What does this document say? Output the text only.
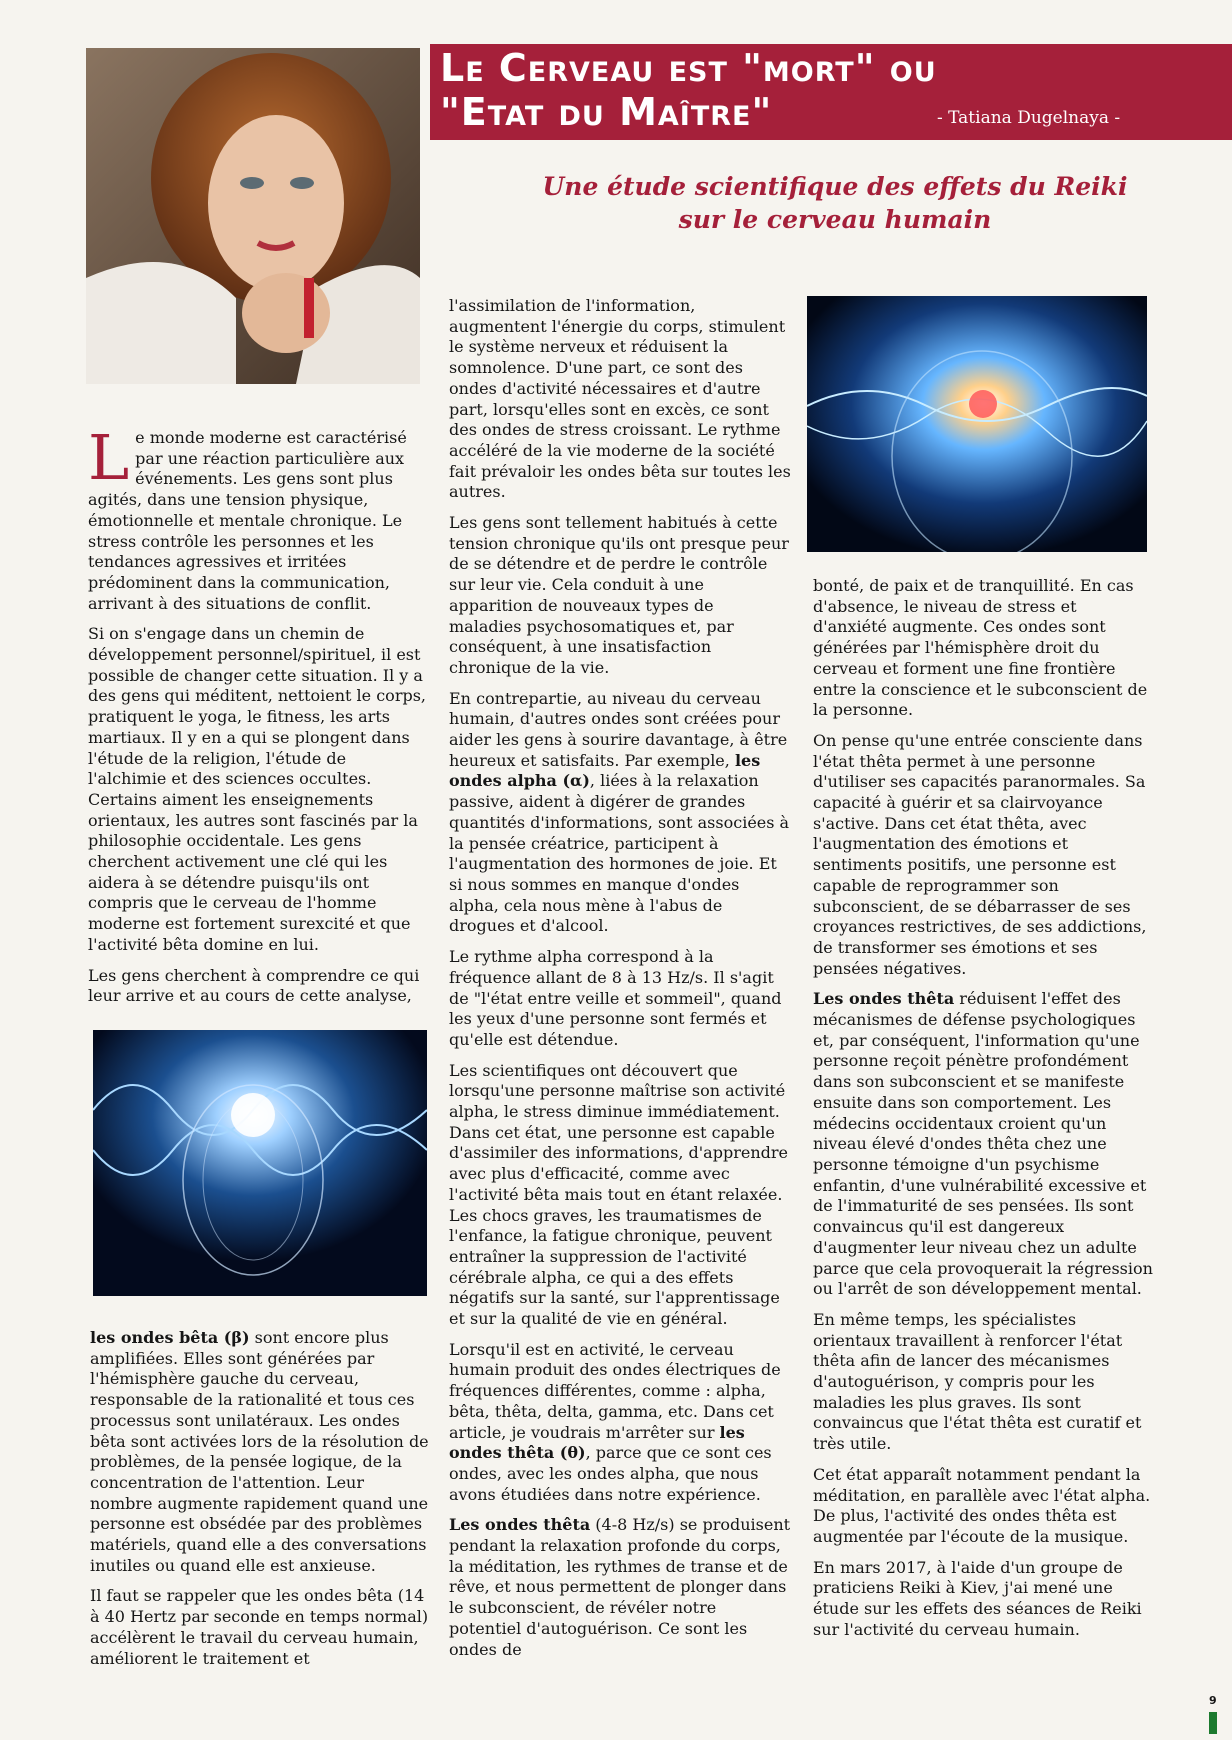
Le Cerveau est "mort" ou
"Etat du Maître"	- Tatiana Dugelnaya -
Une étude scientifique des effets du Reiki
sur le cerveau humain

Le monde moderne est caractérisé par une réaction particulière aux événements. Les gens sont plus agités, dans une tension physique, émotionnelle et mentale chronique. Le stress contrôle les personnes et les tendances agressives et irritées prédominent dans la communication, arrivant à des situations de conflit.

Si on s'engage dans un chemin de développement personnel/spirituel, il est possible de changer cette situation. Il y a des gens qui méditent, nettoient le corps, pratiquent le yoga, le fitness, les arts martiaux. Il y en a qui se plongent dans l'étude de la religion, l'étude de l'alchimie et des sciences occultes. Certains aiment les enseignements orientaux, les autres sont fascinés par la philosophie occidentale. Les gens cherchent activement une clé qui les aidera à se détendre puisqu'ils ont compris que le cerveau de l'homme moderne est fortement surexcité et que l'activité bêta domine en lui.

Les gens cherchent à comprendre ce qui leur arrive et au cours de cette analyse,

les ondes bêta (β) sont encore plus amplifiées. Elles sont générées par l'hémisphère gauche du cerveau, responsable de la rationalité et tous ces processus sont unilatéraux. Les ondes bêta sont activées lors de la résolution de problèmes, de la pensée logique, de la concentration de l'attention. Leur nombre augmente rapidement quand une personne est obsédée par des problèmes matériels, quand elle a des conversations inutiles ou quand elle est anxieuse.

Il faut se rappeler que les ondes bêta (14 à 40 Hertz par seconde en temps normal) accélèrent le travail du cerveau humain, améliorent le traitement et

l'assimilation de l'information, augmentent l'énergie du corps, stimulent le système nerveux et réduisent la somnolence. D'une part, ce sont des ondes d'activité nécessaires et d'autre part, lorsqu'elles sont en excès, ce sont des ondes de stress croissant. Le rythme accéléré de la vie moderne de la société fait prévaloir les ondes bêta sur toutes les autres.

Les gens sont tellement habitués à cette tension chronique qu'ils ont presque peur de se détendre et de perdre le contrôle sur leur vie. Cela conduit à une apparition de nouveaux types de maladies psychosomatiques et, par conséquent, à une insatisfaction chronique de la vie.

En contrepartie, au niveau du cerveau humain, d'autres ondes sont créées pour aider les gens à sourire davantage, à être heureux et satisfaits. Par exemple, les ondes alpha (α), liées à la relaxation passive, aident à digérer de grandes quantités d'informations, sont associées à la pensée créatrice, participent à l'augmentation des hormones de joie. Et si nous sommes en manque d'ondes alpha, cela nous mène à l'abus de drogues et d'alcool.

Le rythme alpha correspond à la fréquence allant de 8 à 13 Hz/s. Il s'agit de "l'état entre veille et sommeil", quand les yeux d'une personne sont fermés et qu'elle est détendue.

Les scientifiques ont découvert que lorsqu'une personne maîtrise son activité alpha, le stress diminue immédiatement. Dans cet état, une personne est capable d'assimiler des informations, d'apprendre avec plus d'efficacité, comme avec l'activité bêta mais tout en étant relaxée. Les chocs graves, les traumatismes de l'enfance, la fatigue chronique, peuvent entraîner la suppression de l'activité cérébrale alpha, ce qui a des effets négatifs sur la santé, sur l'apprentissage et sur la qualité de vie en général.

Lorsqu'il est en activité, le cerveau humain produit des ondes électriques de fréquences différentes, comme : alpha, bêta, thêta, delta, gamma, etc. Dans cet article, je voudrais m'arrêter sur les ondes thêta (θ), parce que ce sont ces ondes, avec les ondes alpha, que nous avons étudiées dans notre expérience.

Les ondes thêta (4-8 Hz/s) se produisent pendant la relaxation profonde du corps, la méditation, les rythmes de transe et de rêve, et nous permettent de plonger dans le subconscient, de révéler notre potentiel d'autoguérison. Ce sont les ondes de

bonté, de paix et de tranquillité. En cas d'absence, le niveau de stress et d'anxiété augmente. Ces ondes sont générées par l'hémisphère droit du cerveau et forment une fine frontière entre la conscience et le subconscient de la personne.

On pense qu'une entrée consciente dans l'état thêta permet à une personne d'utiliser ses capacités paranormales. Sa capacité à guérir et sa clairvoyance s'active. Dans cet état thêta, avec l'augmentation des émotions et sentiments positifs, une personne est capable de reprogrammer son subconscient, de se débarrasser de ses croyances restrictives, de ses addictions, de transformer ses émotions et ses pensées négatives.

Les ondes thêta réduisent l'effet des mécanismes de défense psychologiques et, par conséquent, l'information qu'une personne reçoit pénètre profondément dans son subconscient et se manifeste ensuite dans son comportement. Les médecins occidentaux croient qu'un niveau élevé d'ondes thêta chez une personne témoigne d'un psychisme enfantin, d'une vulnérabilité excessive et de l'immaturité de ses pensées. Ils sont convaincus qu'il est dangereux d'augmenter leur niveau chez un adulte parce que cela provoquerait la régression ou l'arrêt de son développement mental.

En même temps, les spécialistes orientaux travaillent à renforcer l'état thêta afin de lancer des mécanismes d'autoguérison, y compris pour les maladies les plus graves. Ils sont convaincus que l'état thêta est curatif et très utile.

Cet état apparaît notamment pendant la méditation, en parallèle avec l'état alpha. De plus, l'activité des ondes thêta est augmentée par l'écoute de la musique.

En mars 2017, à l'aide d'un groupe de praticiens Reiki à Kiev, j'ai mené une étude sur les effets des séances de Reiki sur l'activité du cerveau humain.

9
